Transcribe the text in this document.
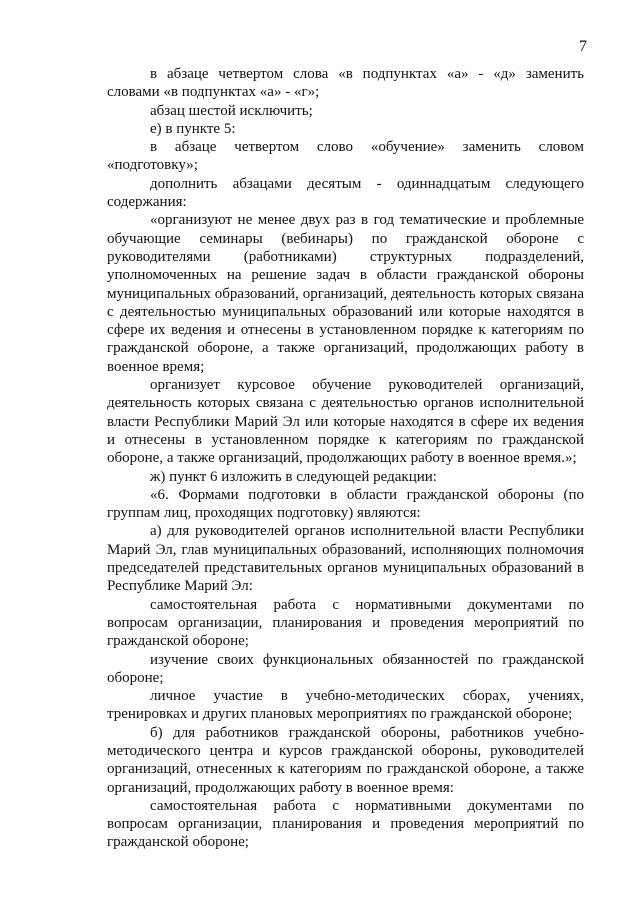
7

в абзаце четвертом слова «в подпунктах «а» - «д» заменить словами «в подпунктах «а» - «г»;

абзац шестой исключить;

е) в пункте 5:

в абзаце четвертом слово «обучение» заменить словом «подготовку»;

дополнить абзацами десятым - одиннадцатым следующего содержания:

«организуют не менее двух раз в год тематические и проблемные обучающие семинары (вебинары) по гражданской обороне с руководителями (работниками) структурных подразделений, уполномоченных на решение задач в области гражданской обороны муниципальных образований, организаций, деятельность которых связана с деятельностью муниципальных образований или которые находятся в сфере их ведения и отнесены в установленном порядке к категориям по гражданской обороне, а также организаций, продолжающих работу в военное время;

организует курсовое обучение руководителей организаций, деятельность которых связана с деятельностью органов исполнительной власти Республики Марий Эл или которые находятся в сфере их ведения и отнесены в установленном порядке к категориям по гражданской обороне, а также организаций, продолжающих работу в военное время.»;

ж) пункт 6 изложить в следующей редакции:

«6. Формами подготовки в области гражданской обороны (по группам лиц, проходящих подготовку) являются:

а) для руководителей органов исполнительной власти Республики Марий Эл, глав муниципальных образований, исполняющих полномочия председателей представительных органов муниципальных образований в Республике Марий Эл:

самостоятельная работа с нормативными документами по вопросам организации, планирования и проведения мероприятий по гражданской обороне;

изучение своих функциональных обязанностей по гражданской обороне;

личное участие в учебно-методических сборах, учениях, тренировках и других плановых мероприятиях по гражданской обороне;

б) для работников гражданской обороны, работников учебно-методического центра и курсов гражданской обороны, руководителей организаций, отнесенных к категориям по гражданской обороне, а также организаций, продолжающих работу в военное время:

самостоятельная работа с нормативными документами по вопросам организации, планирования и проведения мероприятий по гражданской обороне;
